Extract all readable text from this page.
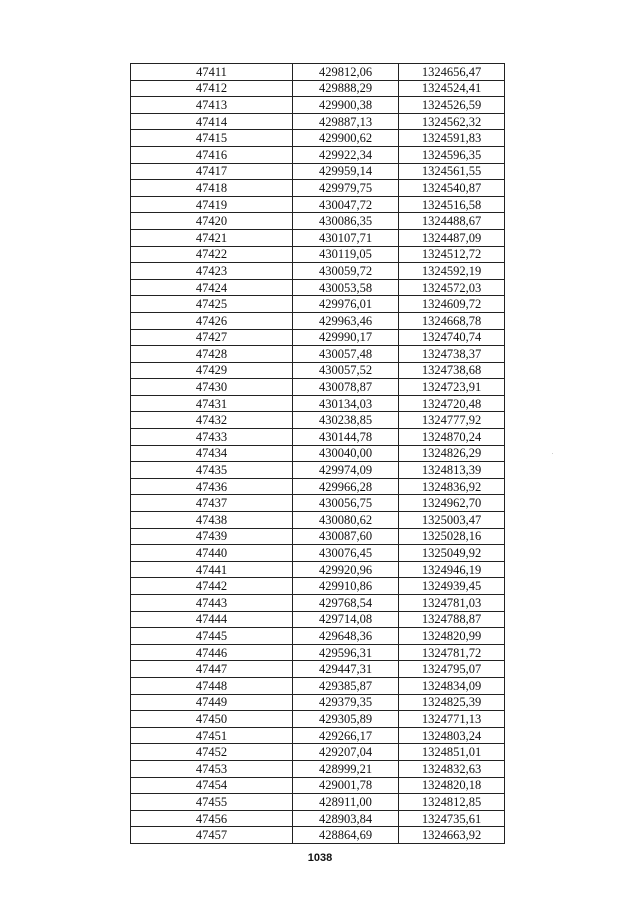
47411	429812,06	1324656,47
47412	429888,29	1324524,41
47413	429900,38	1324526,59
47414	429887,13	1324562,32
47415	429900,62	1324591,83
47416	429922,34	1324596,35
47417	429959,14	1324561,55
47418	429979,75	1324540,87
47419	430047,72	1324516,58
47420	430086,35	1324488,67
47421	430107,71	1324487,09
47422	430119,05	1324512,72
47423	430059,72	1324592,19
47424	430053,58	1324572,03
47425	429976,01	1324609,72
47426	429963,46	1324668,78
47427	429990,17	1324740,74
47428	430057,48	1324738,37
47429	430057,52	1324738,68
47430	430078,87	1324723,91
47431	430134,03	1324720,48
47432	430238,85	1324777,92
47433	430144,78	1324870,24
47434	430040,00	1324826,29
47435	429974,09	1324813,39
47436	429966,28	1324836,92
47437	430056,75	1324962,70
47438	430080,62	1325003,47
47439	430087,60	1325028,16
47440	430076,45	1325049,92
47441	429920,96	1324946,19
47442	429910,86	1324939,45
47443	429768,54	1324781,03
47444	429714,08	1324788,87
47445	429648,36	1324820,99
47446	429596,31	1324781,72
47447	429447,31	1324795,07
47448	429385,87	1324834,09
47449	429379,35	1324825,39
47450	429305,89	1324771,13
47451	429266,17	1324803,24
47452	429207,04	1324851,01
47453	428999,21	1324832,63
47454	429001,78	1324820,18
47455	428911,00	1324812,85
47456	428903,84	1324735,61
47457	428864,69	1324663,92
1038
